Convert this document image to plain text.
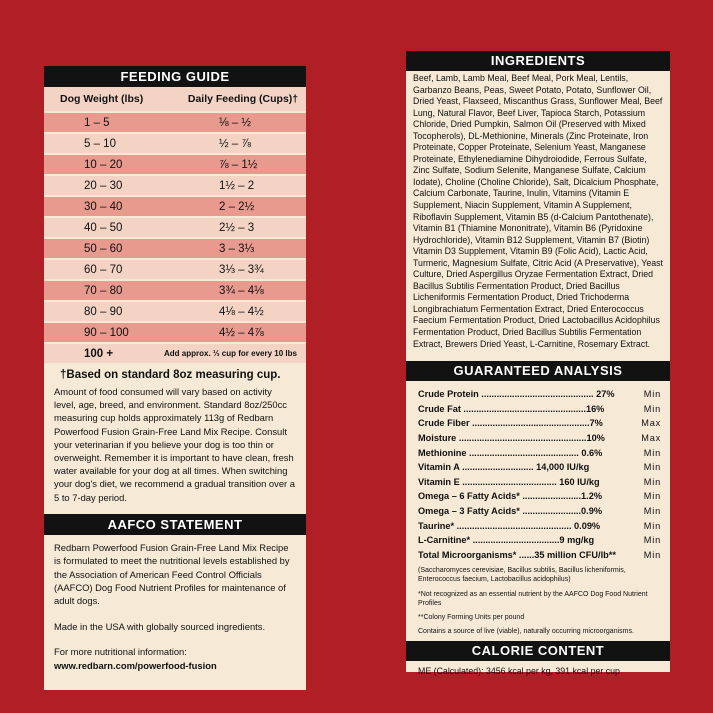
FEEDING GUIDE
Dog Weight (lbs)	Daily Feeding (Cups)†
1 – 5	⅛ – ½
5 – 10	½ – ⅞
10 – 20	⅞ – 1½
20 – 30	1½ – 2
30 – 40	2 – 2½
40 – 50	2½ – 3
50 – 60	3 – 3⅓
60 – 70	3⅓ – 3¾
70 – 80	3¾ – 4⅛
80 – 90	4⅛ – 4½
90 – 100	4½ – 4⅞
100 +	Add approx. ⅓ cup for every 10 lbs
†Based on standard 8oz measuring cup.
Amount of food consumed will vary based on activity level, age, breed, and environment. Standard 8oz/250cc measuring cup holds approximately 113g of Redbarn Powerfood Fusion Grain-Free Land Mix Recipe. Consult your veterinarian if you believe your dog is too thin or overweight. Remember it is important to have clean, fresh water available for your dog at all times. When switching your dog's diet, we recommend a gradual transition over a 5 to 7-day period.
AAFCO STATEMENT

Redbarn Powerfood Fusion Grain-Free Land Mix Recipe is formulated to meet the nutritional levels established by the Association of American Feed Control Officials (AAFCO) Dog Food Nutrient Profiles for maintenance of adult dogs.

Made in the USA with globally sourced ingredients.

For more nutritional information:
www.redbarn.com/powerfood-fusion

INGREDIENTS
Beef, Lamb, Lamb Meal, Beef Meal, Pork Meal, Lentils, Garbanzo Beans, Peas, Sweet Potato, Potato, Sunflower Oil, Dried Yeast, Flaxseed, Miscanthus Grass, Sunflower Meal, Beef Lung, Natural Flavor, Beef Liver, Tapioca Starch, Potassium Chloride, Dried Pumpkin, Salmon Oil (Preserved with Mixed Tocopherols), DL-Methionine, Minerals (Zinc Proteinate, Iron Proteinate, Copper Proteinate, Selenium Yeast, Manganese Proteinate, Ethylenediamine Dihydroiodide, Ferrous Sulfate, Zinc Sulfate, Sodium Selenite, Manganese Sulfate, Calcium Iodate), Choline (Choline Chloride), Salt, Dicalcium Phosphate, Calcium Carbonate, Taurine, Inulin, Vitamins (Vitamin E Supplement, Niacin Supplement, Vitamin A Supplement, Riboflavin Supplement, Vitamin B5 (d-Calcium Pantothenate), Vitamin B1 (Thiamine Mononitrate), Vitamin B6 (Pyridoxine Hydrochloride), Vitamin B12 Supplement, Vitamin B7 (Biotin) Vitamin D3 Supplement, Vitamin B9 (Folic Acid), Lactic Acid, Turmeric, Magnesium Sulfate, Citric Acid (A Preservative), Yeast Culture, Dried Aspergillus Oryzae Fermentation Extract, Dried Bacillus Subtilis Fermentation Product, Dried Bacillus Licheniformis Fermentation Product, Dried Trichoderma Longibrachiatum Fermentation Extract, Dried Enterococcus Faecium Fermentation Product, Dried Lactobacillus Acidophilus Fermentation Product, Dried Bacillus Subtilis Fermentation Extract, Brewers Dried Yeast, L-Carnitine, Rosemary Extract.
GUARANTEED ANALYSIS
Crude Protein ............................................ 27%	Min
Crude Fat ................................................16%	Min
Crude Fiber ..............................................7%	Max
Moisture ..................................................10%	Max
Methionine ........................................... 0.6%	Min
Vitamin A ............................ 14,000 IU/kg	Min
Vitamin E ..................................... 160 IU/kg	Min
Omega – 6 Fatty Acids* .......................1.2%	Min
Omega – 3 Fatty Acids* .......................0.9%	Min
Taurine* ............................................. 0.09%	Min
L-Carnitine* ..................................9 mg/kg	Min
Total Microorganisms* ......35 million CFU/lb**	Min

(Saccharomyces cerevisiae, Bacillus subtilis, Bacillus licheniformis, Enterococcus faecium, Lactobacillus acidophilus)

*Not recognized as an essential nutrient by the AAFCO Dog Food Nutrient Profiles

**Colony Forming Units per pound

Contains a source of live (viable), naturally occurring microorganisms.

CALORIE CONTENT
ME (Calculated): 3456 kcal per kg, 391 kcal per cup
